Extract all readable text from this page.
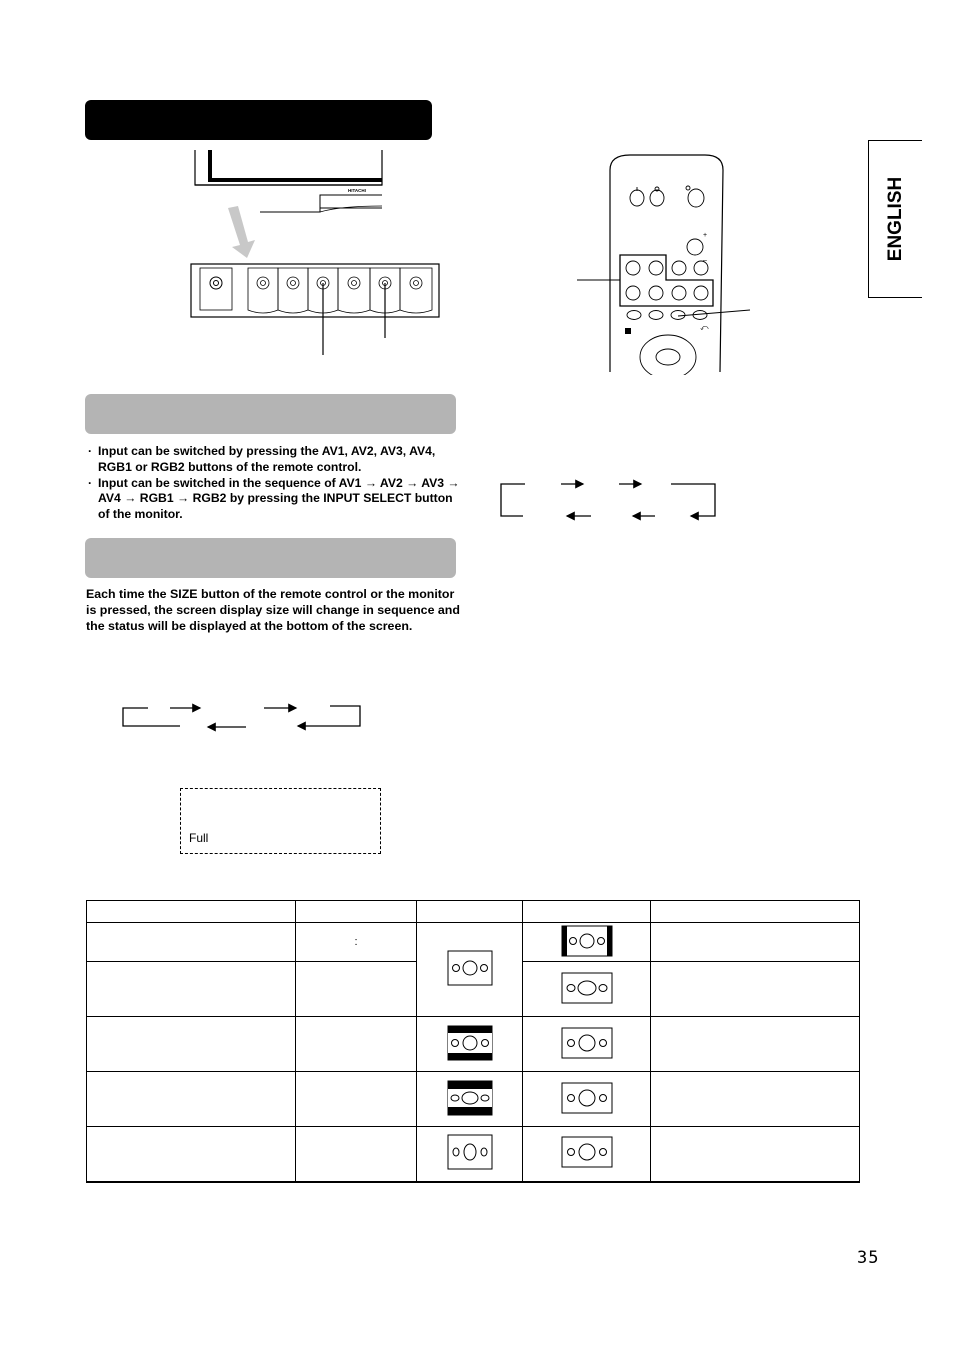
HITACHI
⤺
+
–	ENGLISH
· Input can be switched by pressing the AV1, AV2, AV3, AV4, RGB1 or RGB2 buttons of the remote control.
· Input can be switched in the sequence of AV1 → AV2 → AV3 → AV4 → RGB1 → RGB2 by pressing the INPUT SELECT button of the monitor.
Each time the SIZE button of the remote control or the monitor is pressed, the screen display size will change in sequence and the status will be displayed at the bottom of the screen.
Full

	:			

35
